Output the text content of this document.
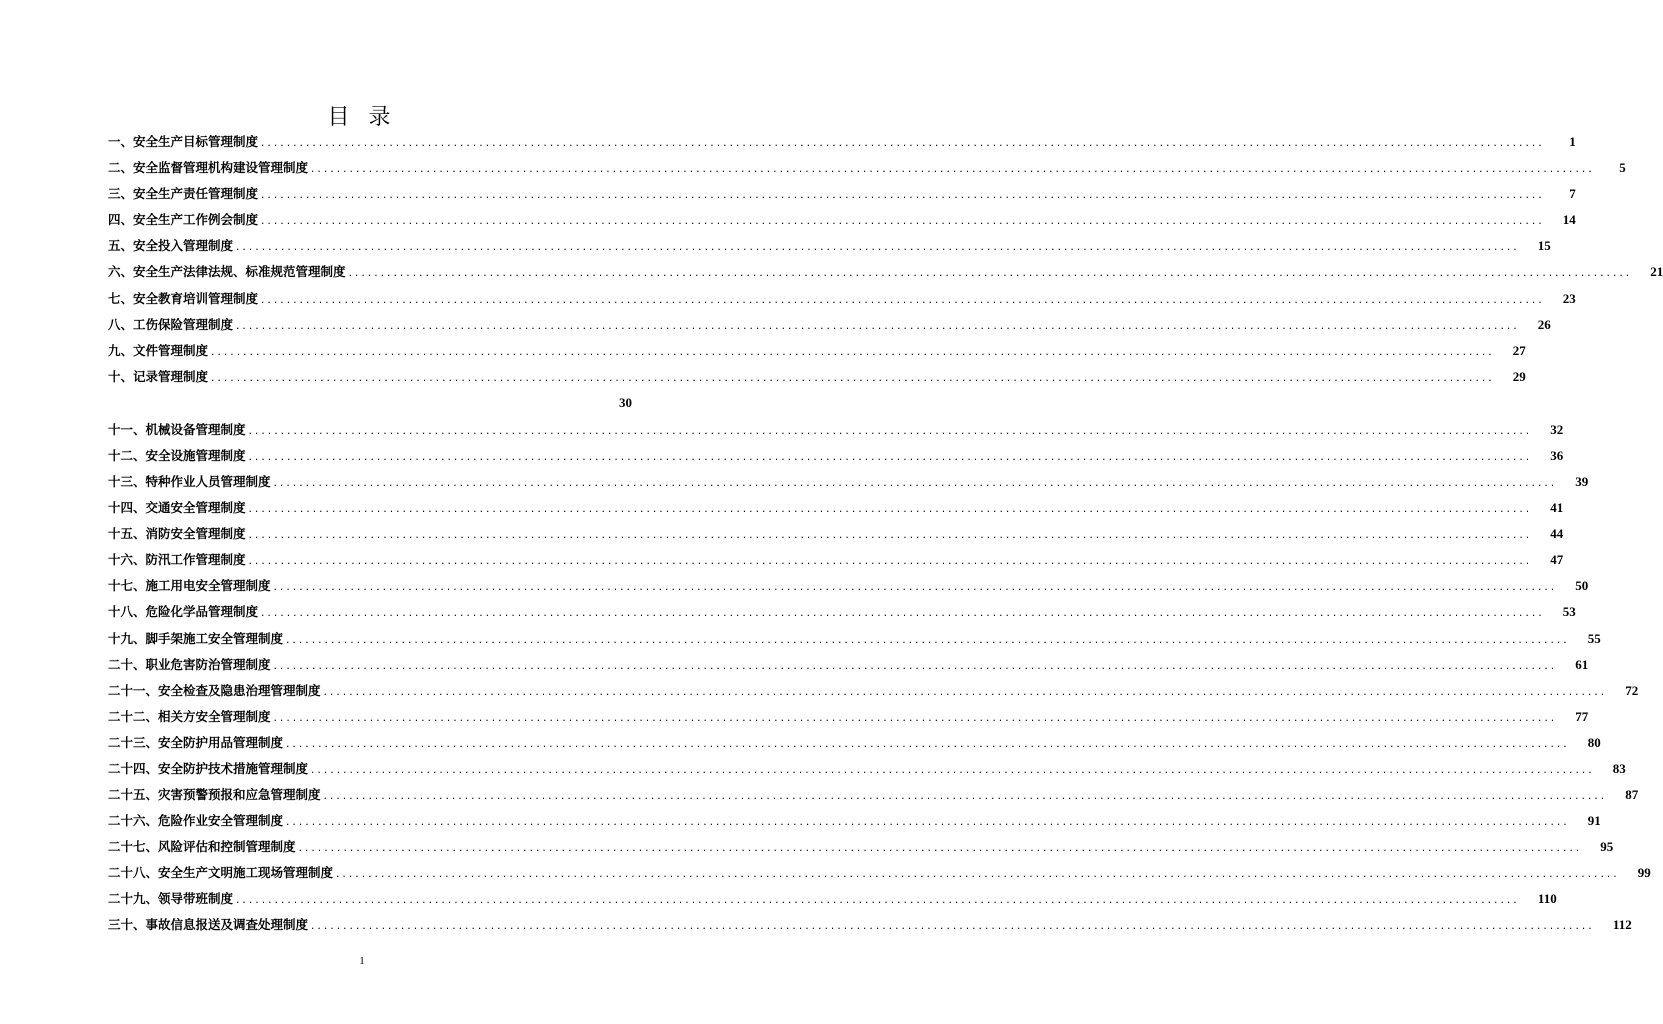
目 录
一、安全生产目标管理制度 ........................................................................................................................................................................................................	1
二、安全监督管理机构建设管理制度 ........................................................................................................................................................................................................	5
三、安全生产责任管理制度 ........................................................................................................................................................................................................	7
四、安全生产工作例会制度 ........................................................................................................................................................................................................	14
五、安全投入管理制度 ........................................................................................................................................................................................................	15
六、安全生产法律法规、标准规范管理制度 ........................................................................................................................................................................................................	21
七、安全教育培训管理制度 ........................................................................................................................................................................................................	23
八、工伤保险管理制度 ........................................................................................................................................................................................................	26
九、文件管理制度 ........................................................................................................................................................................................................	27
十、记录管理制度 ........................................................................................................................................................................................................	29
十一、机械设备管理制度 ........................................................................................................................................................................................................	32
十二、安全设施管理制度 ........................................................................................................................................................................................................	36
十三、特种作业人员管理制度 ........................................................................................................................................................................................................	39
十四、交通安全管理制度 ........................................................................................................................................................................................................	41
十五、消防安全管理制度 ........................................................................................................................................................................................................	44
十六、防汛工作管理制度 ........................................................................................................................................................................................................	47
十七、施工用电安全管理制度 ........................................................................................................................................................................................................	50
十八、危险化学品管理制度 ........................................................................................................................................................................................................	53
十九、脚手架施工安全管理制度 ........................................................................................................................................................................................................	55
二十、职业危害防治管理制度 ........................................................................................................................................................................................................	61
二十一、安全检查及隐患治理管理制度 ........................................................................................................................................................................................................	72
二十二、相关方安全管理制度 ........................................................................................................................................................................................................	77
二十三、安全防护用品管理制度 ........................................................................................................................................................................................................	80
二十四、安全防护技术措施管理制度 ........................................................................................................................................................................................................	83
二十五、灾害预警预报和应急管理制度 ........................................................................................................................................................................................................	87
二十六、危险作业安全管理制度 ........................................................................................................................................................................................................	91
二十七、风险评估和控制管理制度 ........................................................................................................................................................................................................	95
二十八、安全生产文明施工现场管理制度 ........................................................................................................................................................................................................	99
二十九、领导带班制度 ........................................................................................................................................................................................................	110
三十、事故信息报送及调查处理制度 ........................................................................................................................................................................................................	112
30
1
